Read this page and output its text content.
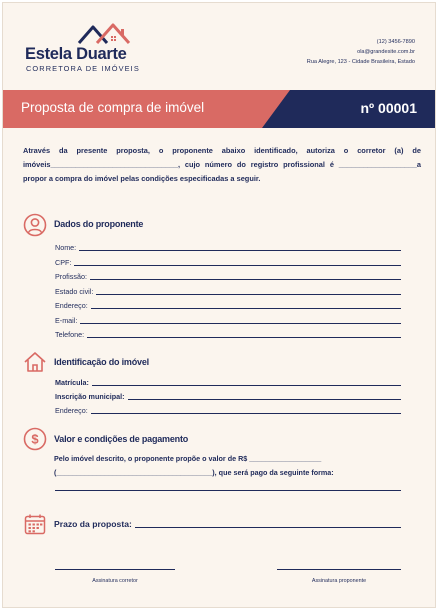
Estela Duarte
CORRETORA DE IMÓVEIS
(12) 3456-7890
ola@grandesite.com.br
Rua Alegre, 123 - Cidade Brasileira, Estado
Proposta de compra de imóvel	nº 00001

Através da presente proposta, o proponente abaixo identificado, autoriza o corretor (a) de imóveis_______________________________, cujo número do registro profissional é ___________________a propor a compra do imóvel pelas condições especificadas a seguir.

Dados do proponente
Nome:
CPF:
Profissão:
Estado civil:
Endereço:
E-mail:
Telefone:
Identificação do imóvel
Matrícula:
Inscrição municipal:
Endereço:
$ Valor e condições de pagamento

Pelo imóvel descrito, o proponente propõe o valor de R$ __________________ (_______________________________________), que será pago da seguinte forma:

Prazo da proposta:
Assinatura corretor	Assinatura proponente
